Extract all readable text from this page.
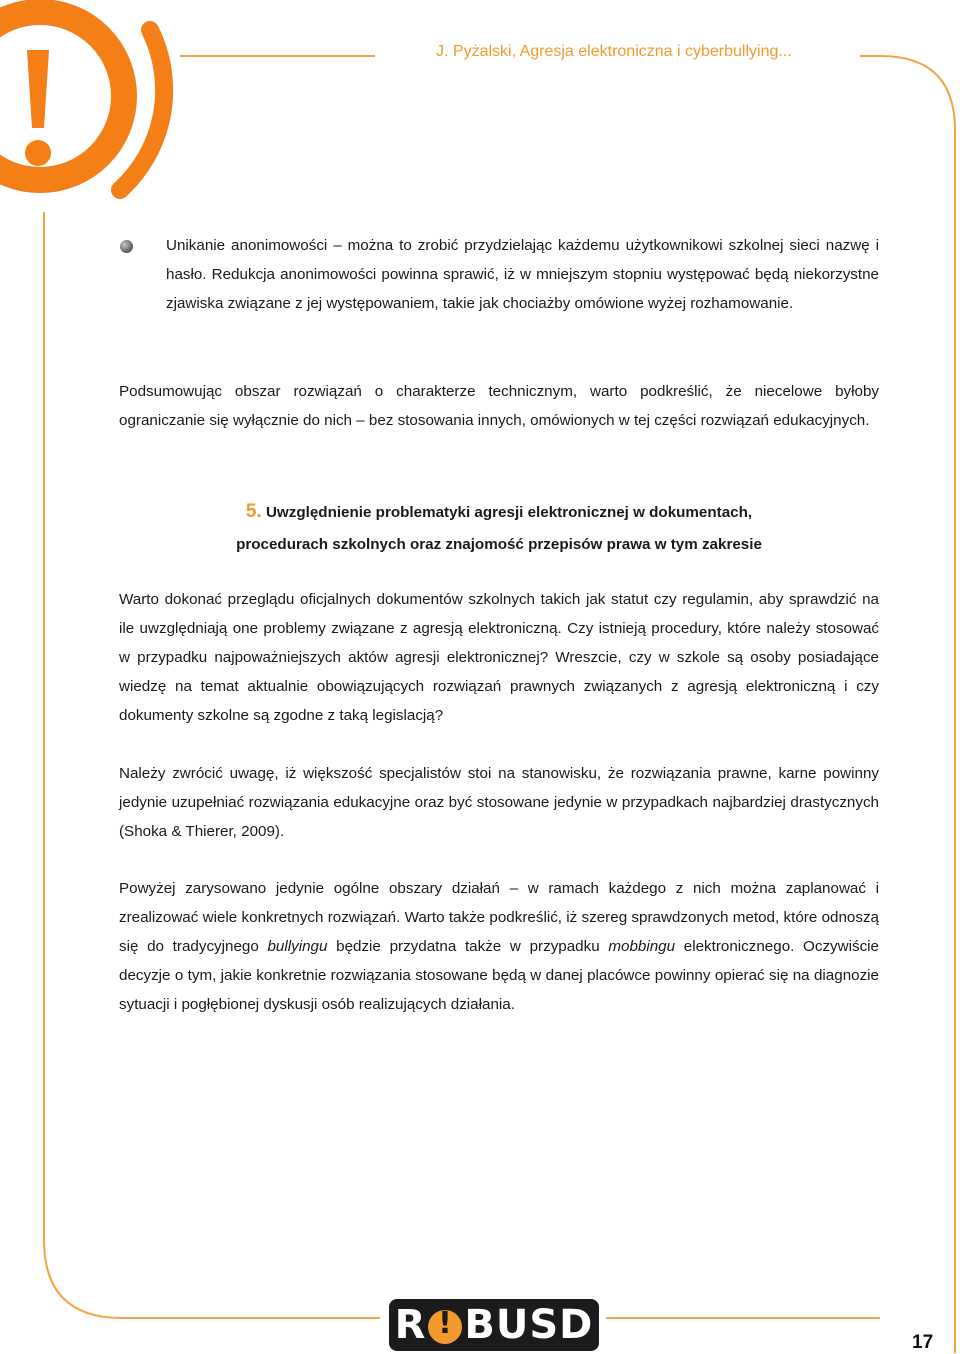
J. Pyżalski, Agresja elektroniczna i cyberbullying...
Unikanie anonimowości – można to zrobić przydzielając każdemu użytkownikowi szkolnej sieci nazwę i hasło. Redukcja anonimowości powinna sprawić, iż w mniejszym stopniu występować będą niekorzystne zjawiska związane z jej występowaniem, takie jak chociażby omówione wyżej rozhamowanie.
Podsumowując obszar rozwiązań o charakterze technicznym, warto podkreślić, że niecelowe byłoby ograniczanie się wyłącznie do nich – bez stosowania innych, omówionych w tej części rozwiązań edukacyjnych.
5. Uwzględnienie problematyki agresji elektronicznej w dokumentach,
procedurach szkolnych oraz znajomość przepisów prawa w tym zakresie
Warto dokonać przeglądu oficjalnych dokumentów szkolnych takich jak statut czy regulamin, aby sprawdzić na ile uwzględniają one problemy związane z agresją elektroniczną. Czy istnieją procedury, które należy stosować w przypadku najpoważniejszych aktów agresji elektronicznej? Wreszcie, czy w szkole są osoby posiadające wiedzę na temat aktualnie obowiązujących rozwiązań prawnych związanych z agresją elektroniczną i czy dokumenty szkolne są zgodne z taką legislacją?
Należy zwrócić uwagę, iż większość specjalistów stoi na stanowisku, że rozwiązania prawne, karne powinny jedynie uzupełniać rozwiązania edukacyjne oraz być stosowane jedynie w przypadkach najbardziej drastycznych (Shoka & Thierer, 2009).
Powyżej zarysowano jedynie ogólne obszary działań – w ramach każdego z nich można zaplanować i zrealizować wiele konkretnych rozwiązań. Warto także podkreślić, iż szereg sprawdzonych metod, które odnoszą się do tradycyjnego bullyingu będzie przydatna także w przypadku mobbingu elektronicznego. Oczywiście decyzje o tym, jakie konkretnie rozwiązania stosowane będą w danej placówce powinny opierać się na diagnozie sytuacji i pogłębionej dyskusji osób realizujących działania.
R
! BUSD	17
